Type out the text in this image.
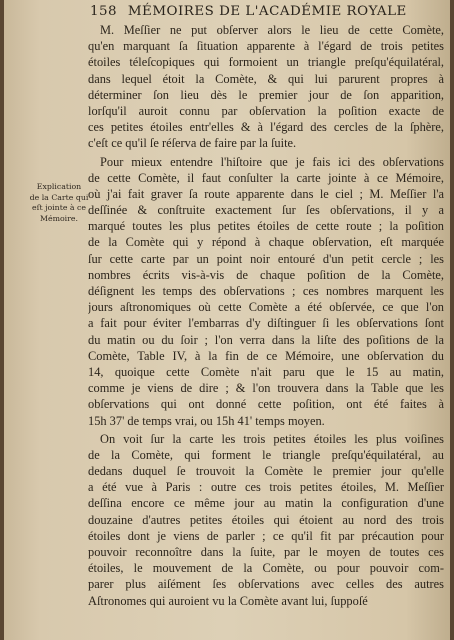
158 MÉMOIRES DE L'ACADÉMIE ROYALE
Explication
de la Carte qui
eſt jointe à ce
Mémoire.
M. Meſſier ne put obſerver alors le lieu de cette Comète,
qu'en marquant ſa ſituation apparente à l'égard de trois petites
étoiles téleſcopiques qui formoient un triangle preſqu'équilatéral,
dans lequel étoit la Comète, & qui lui parurent propres à
déterminer ſon lieu dès le premier jour de ſon apparition,
lorſqu'il auroit connu par obſervation la poſition exacte de
ces petites étoiles entr'elles & à l'égard des cercles de la ſphère,
c'eſt ce qu'il ſe réſerva de faire par la ſuite.
Pour mieux entendre l'hiſtoire que je fais ici des obſervations
de cette Comète, il faut conſulter la carte jointe à ce Mémoire,
où j'ai fait graver ſa route apparente dans le ciel ; M. Meſſier l'a
deſſinée & conſtruite exactement ſur ſes obſervations, il y a
marqué toutes les plus petites étoiles de cette route ; la poſition
de la Comète qui y répond à chaque obſervation, eſt marquée
ſur cette carte par un point noir entouré d'un petit cercle ; les
nombres écrits vis-à-vis de chaque poſition de la Comète,
déſignent les temps des obſervations ; ces nombres marquent les
jours aſtronomiques où cette Comète a été obſervée, ce que l'on
a fait pour éviter l'embarras d'y diſtinguer ſi les obſervations ſont
du matin ou du ſoir ; l'on verra dans la liſte des poſitions de la
Comète, Table IV, à la fin de ce Mémoire, une obſervation du
14, quoique cette Comète n'ait paru que le 15 au matin,
comme je viens de dire ; & l'on trouvera dans la Table que les
obſervations qui ont donné cette poſition, ont été faites à
15h 37' de temps vrai, ou 15h 41' temps moyen.
On voit ſur la carte les trois petites étoiles les plus voiſines
de la Comète, qui forment le triangle preſqu'équilatéral, au
dedans duquel ſe trouvoit la Comète le premier jour qu'elle
a été vue à Paris : outre ces trois petites étoiles, M. Meſſier
deſſina encore ce même jour au matin la configuration d'une
douzaine d'autres petites étoiles qui étoient au nord des trois
étoiles dont je viens de parler ; ce qu'il fit par précaution pour
pouvoir reconnoître dans la ſuite, par le moyen de toutes ces
étoiles, le mouvement de la Comète, ou pour pouvoir com-
parer plus aiſément ſes obſervations avec celles des autres
Aſtronomes qui auroient vu la Comète avant lui, ſuppoſé
